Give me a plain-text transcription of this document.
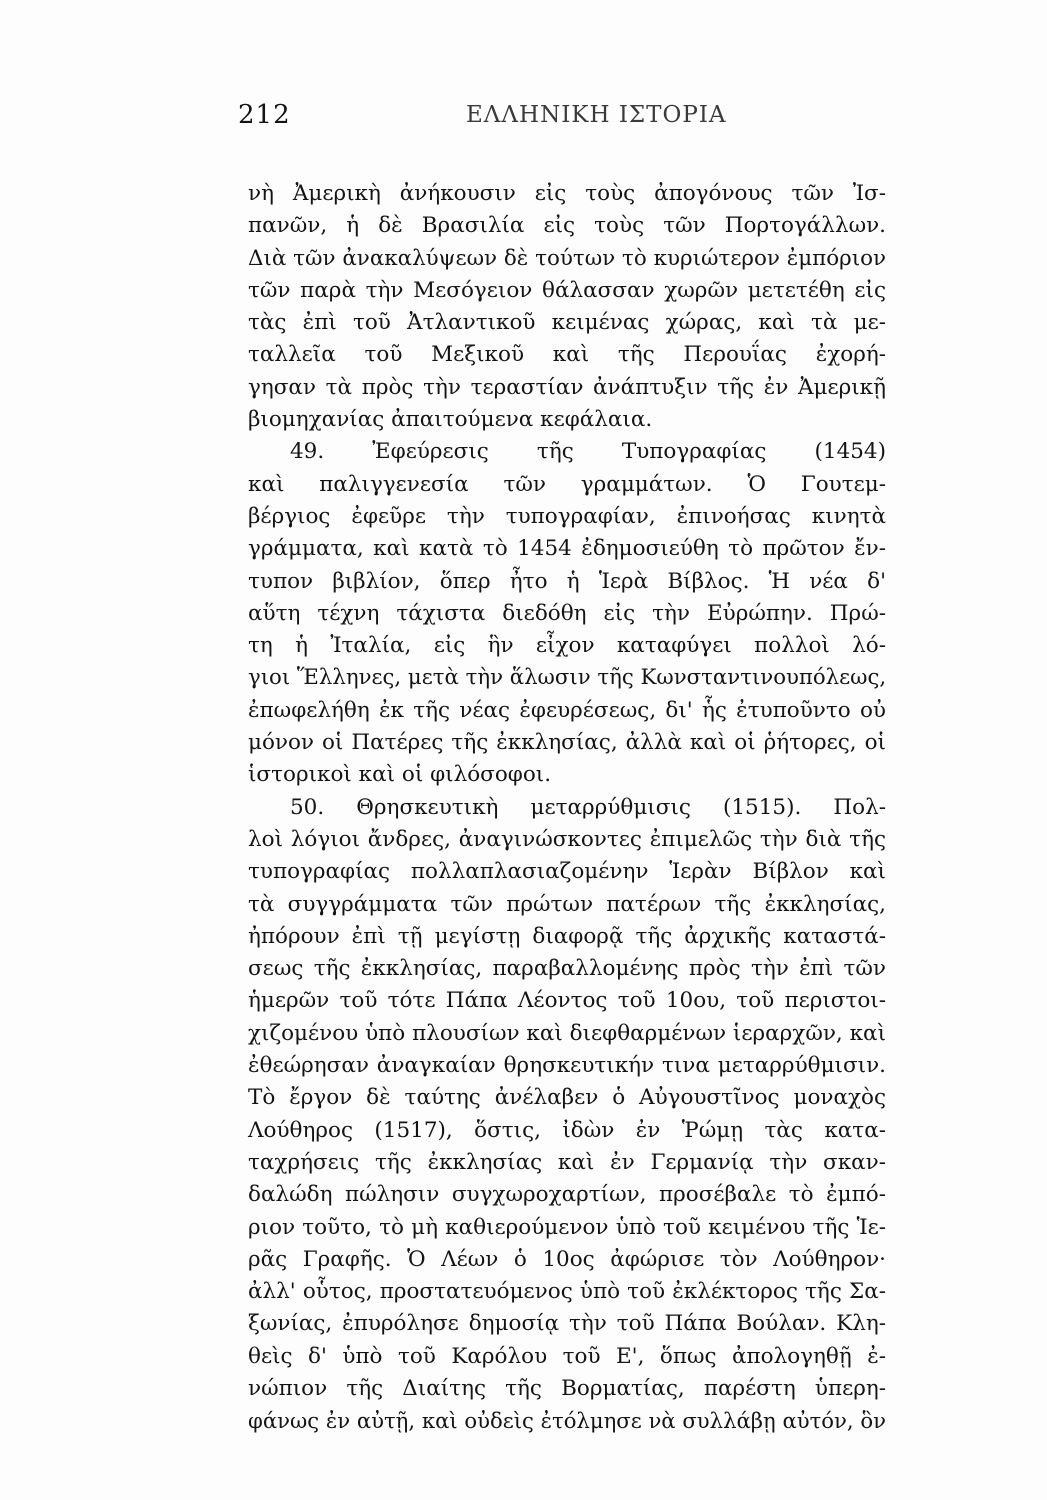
212	ΕΛΛΗΝΙΚΗ ΙΣΤΟΡΙΑ
νὴ Ἀμερικὴ ἀνήκουσιν εἰς τοὺς ἀπογόνους τῶν Ἰσ-
πανῶν, ἡ δὲ Βρασιλία εἰς τοὺς τῶν Πορτογάλλων.
Διὰ τῶν ἀνακαλύψεων δὲ τούτων τὸ κυριώτερον ἐμπόριον
τῶν παρὰ τὴν Μεσόγειον θάλασσαν χωρῶν μετετέθη εἰς
τὰς ἐπὶ τοῦ Ἀτλαντικοῦ κειμένας χώρας, καὶ τὰ με-
ταλλεῖα τοῦ Μεξικοῦ καὶ τῆς Περουΐας ἐχορή-
γησαν τὰ πρὸς τὴν τεραστίαν ἀνάπτυξιν τῆς ἐν Ἀμερικῇ
βιομηχανίας ἀπαιτούμενα κεφάλαια.
49. Ἐφεύρεσις τῆς Τυπογραφίας (1454)
καὶ παλιγγενεσία τῶν γραμμάτων. Ὁ Γουτεμ-
βέργιος ἐφεῦρε τὴν τυπογραφίαν, ἐπινοήσας κινητὰ
γράμματα, καὶ κατὰ τὸ 1454 ἐδημοσιεύθη τὸ πρῶτον ἔν-
τυπον βιβλίον, ὅπερ ἦτο ἡ Ἱερὰ Βίβλος. Ἡ νέα δ'
αὕτη τέχνη τάχιστα διεδόθη εἰς τὴν Εὐρώπην. Πρώ-
τη ἡ Ἰταλία, εἰς ἣν εἶχον καταφύγει πολλοὶ λό-
γιοι Ἕλληνες, μετὰ τὴν ἅλωσιν τῆς Κωνσταντινουπόλεως,
ἐπωφελήθη ἐκ τῆς νέας ἐφευρέσεως, δι' ἧς ἐτυποῦντο οὐ
μόνον οἱ Πατέρες τῆς ἐκκλησίας, ἀλλὰ καὶ οἱ ῥήτορες, οἱ
ἱστορικοὶ καὶ οἱ φιλόσοφοι.
50. Θρησκευτικὴ μεταρρύθμισις (1515). Πολ-
λοὶ λόγιοι ἄνδρες, ἀναγινώσκοντες ἐπιμελῶς τὴν διὰ τῆς
τυπογραφίας πολλαπλασιαζομένην Ἱερὰν Βίβλον καὶ
τὰ συγγράμματα τῶν πρώτων πατέρων τῆς ἐκκλησίας,
ἠπόρουν ἐπὶ τῇ μεγίστῃ διαφορᾷ τῆς ἀρχικῆς καταστά-
σεως τῆς ἐκκλησίας, παραβαλλομένης πρὸς τὴν ἐπὶ τῶν
ἡμερῶν τοῦ τότε Πάπα Λέοντος τοῦ 10ου, τοῦ περιστοι-
χιζομένου ὑπὸ πλουσίων καὶ διεφθαρμένων ἱεραρχῶν, καὶ
ἐθεώρησαν ἀναγκαίαν θρησκευτικήν τινα μεταρρύθμισιν.
Τὸ ἔργον δὲ ταύτης ἀνέλαβεν ὁ Αὐγουστῖνος μοναχὸς
Λούθηρος (1517), ὅστις, ἰδὼν ἐν Ῥώμῃ τὰς κατα-
ταχρήσεις τῆς ἐκκλησίας καὶ ἐν Γερμανίᾳ τὴν σκαν-
δαλώδη πώλησιν συγχωροχαρτίων, προσέβαλε τὸ ἐμπό-
ριον τοῦτο, τὸ μὴ καθιερούμενον ὑπὸ τοῦ κειμένου τῆς Ἱε-
ρᾶς Γραφῆς. Ὁ Λέων ὁ 10ος ἀφώρισε τὸν Λούθηρον·
ἀλλ' οὗτος, προστατευόμενος ὑπὸ τοῦ ἐκλέκτορος τῆς Σα-
ξωνίας, ἐπυρόλησε δημοσίᾳ τὴν τοῦ Πάπα Βούλαν. Κλη-
θεὶς δ' ὑπὸ τοῦ Καρόλου τοῦ Ε', ὅπως ἀπολογηθῇ ἐ-
νώπιον τῆς Διαίτης τῆς Βορματίας, παρέστη ὑπερη-
φάνως ἐν αὐτῇ, καὶ οὐδεὶς ἐτόλμησε νὰ συλλάβῃ αὐτόν, ὃν
